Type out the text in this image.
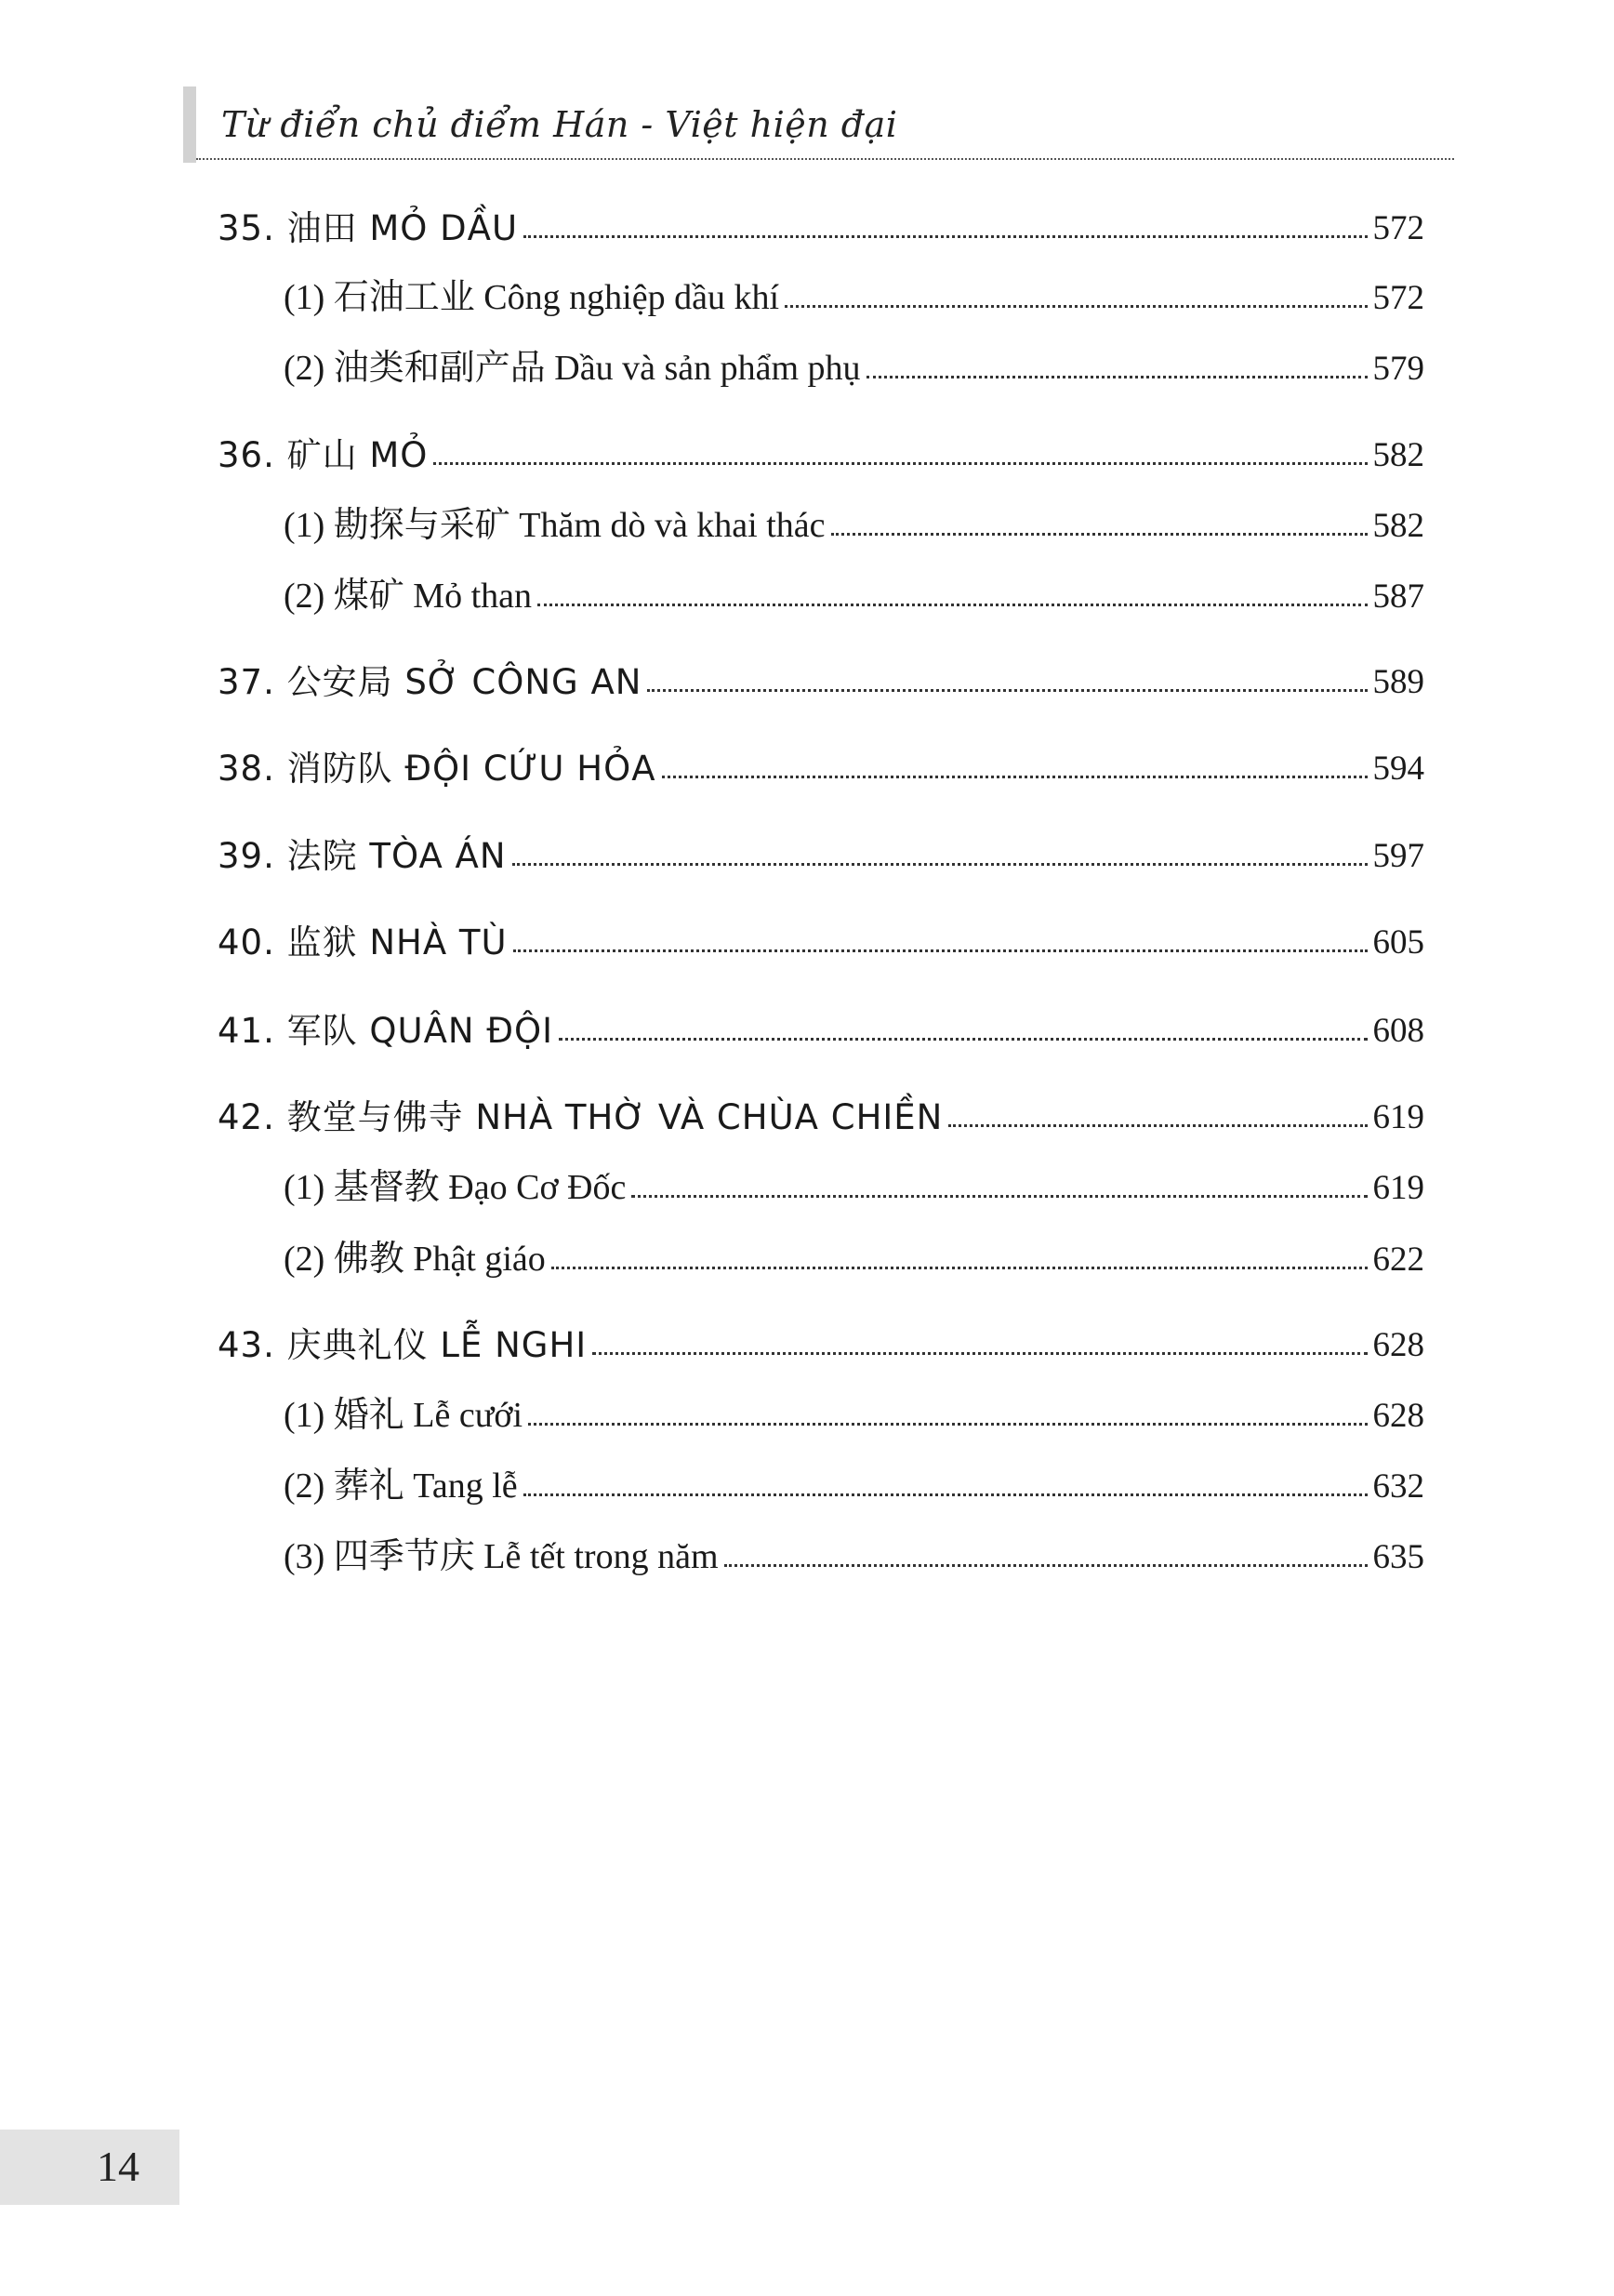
Từ điển chủ điểm Hán - Việt hiện đại
35. 油田 MỎ DẦU	572
(1) 石油工业 Công nghiệp dầu khí	572
(2) 油类和副产品 Dầu và sản phẩm phụ	579
36. 矿山 MỎ	582
(1) 勘探与采矿 Thăm dò và khai thác	582
(2) 煤矿 Mỏ than	587
37. 公安局 SỞ CÔNG AN	589
38. 消防队 ĐỘI CỨU HỎA	594
39. 法院 TÒA ÁN	597
40. 监狱 NHÀ TÙ	605
41. 军队 QUÂN ĐỘI	608
42. 教堂与佛寺 NHÀ THỜ VÀ CHÙA CHIỀN	619
(1) 基督教 Đạo Cơ Đốc	619
(2) 佛教 Phật giáo	622
43. 庆典礼仪 LỄ NGHI	628
(1) 婚礼 Lễ cưới	628
(2) 葬礼 Tang lễ	632
(3) 四季节庆 Lễ tết trong năm	635
14
